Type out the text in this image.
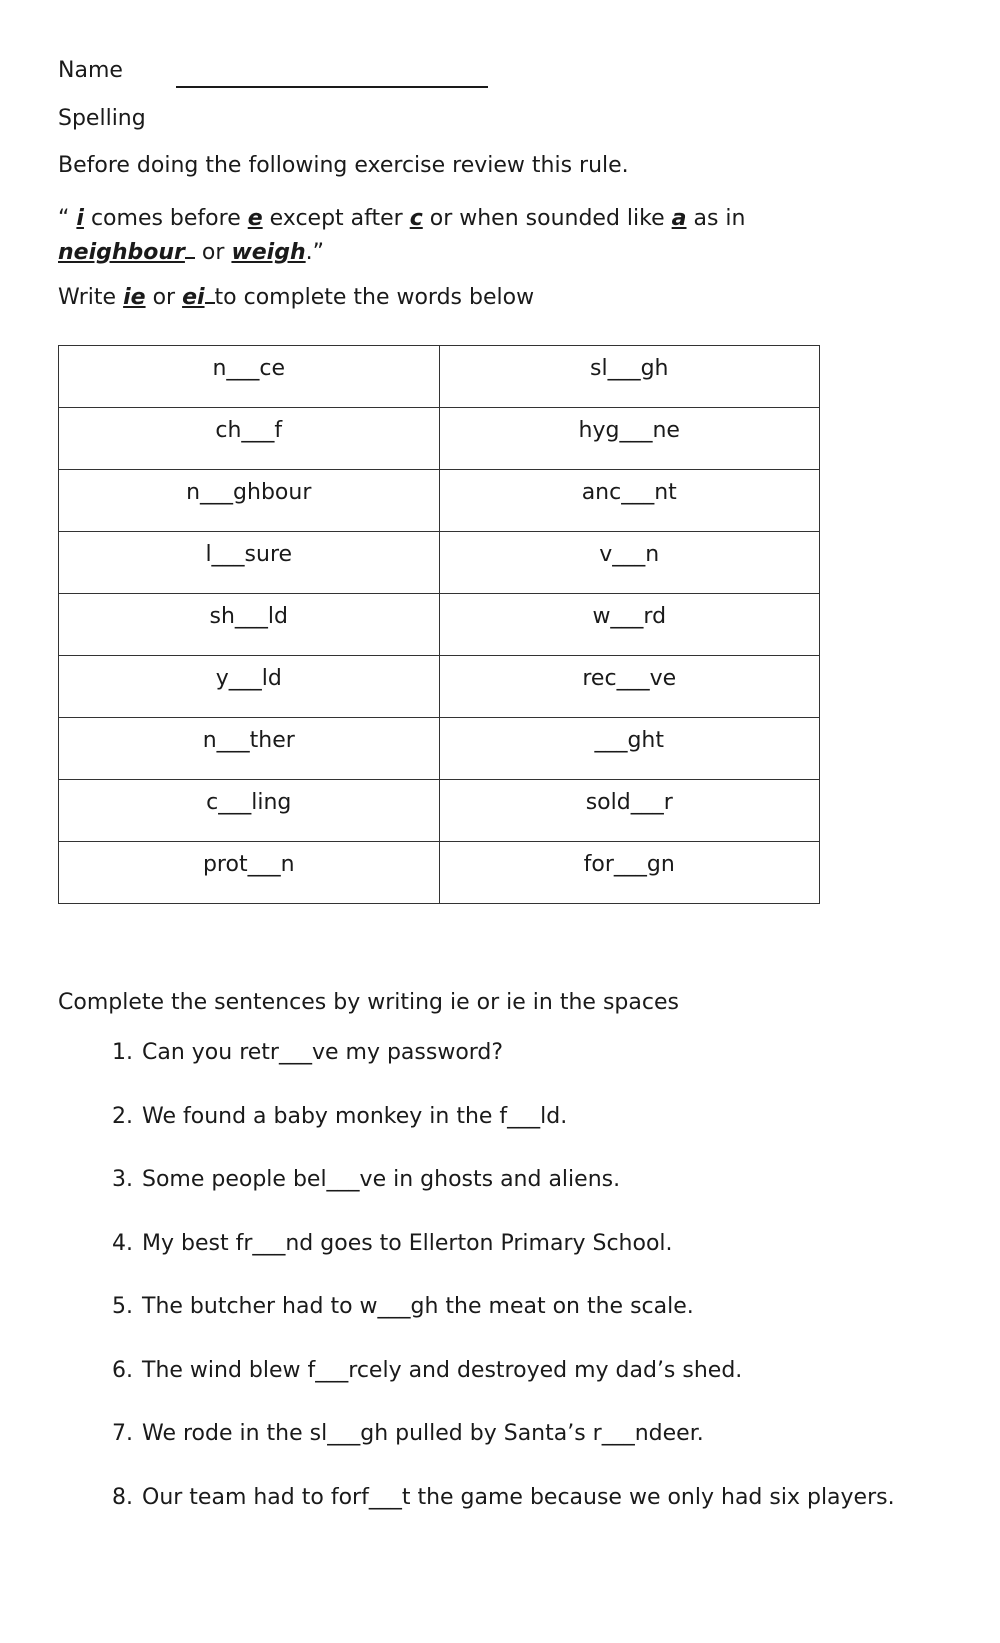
Name
Spelling
Before doing the following exercise review this rule.
“ i comes before e except after c or when sounded like a as in neighbour or weigh.”
Write ie or ei to complete the words below
n___ce	sl___gh
ch___f	hyg___ne
n___ghbour	anc___nt
l___sure	v___n
sh___ld	w___rd
y___ld	rec___ve
n___ther	___ght
c___ling	sold___r
prot___n	for___gn
Complete the sentences by writing ie or ie in the spaces
1. Can you retr___ve my password?
2. We found a baby monkey in the f___ld.
3. Some people bel___ve in ghosts and aliens.
4. My best fr___nd goes to Ellerton Primary School.
5. The butcher had to w___gh the meat on the scale.
6. The wind blew f___rcely and destroyed my dad’s shed.
7. We rode in the sl___gh pulled by Santa’s r___ndeer.
8. Our team had to forf___t the game because we only had six players.
